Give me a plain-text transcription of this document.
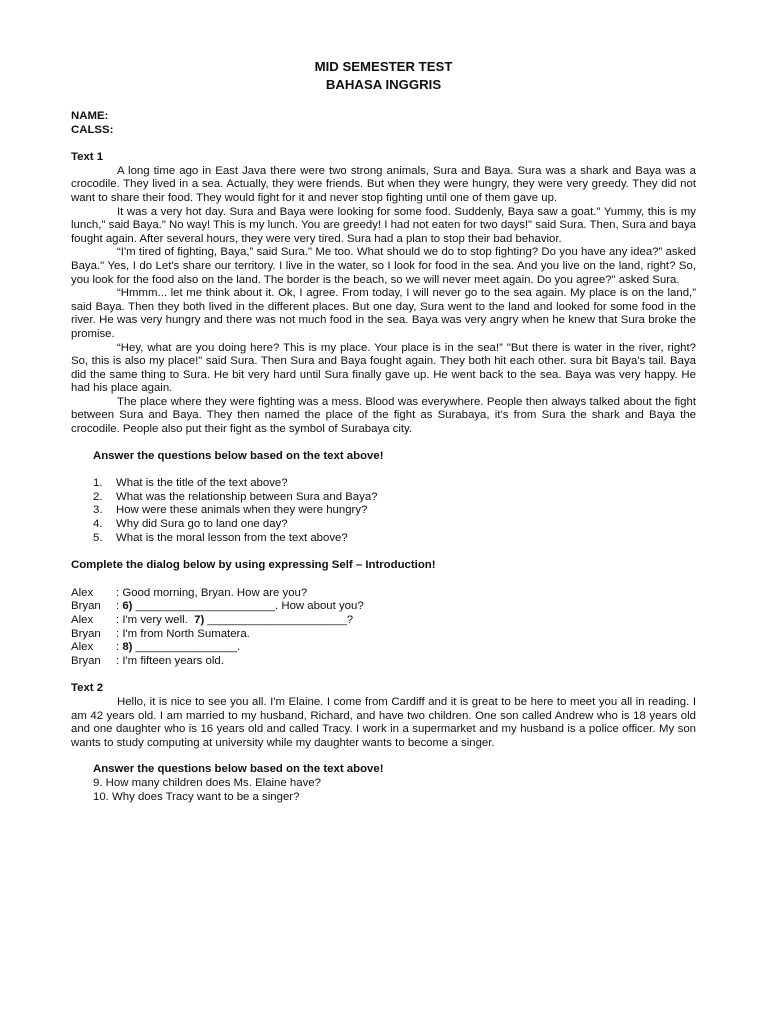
MID SEMESTER TEST
BAHASA INGGRIS
NAME:
CALSS:
Text 1

A long time ago in East Java there were two strong animals, Sura and Baya. Sura was a shark and Baya was a crocodile. They lived in a sea. Actually, they were friends. But when they were hungry, they were very greedy. They did not want to share their food. They would fight for it and never stop fighting until one of them gave up.

It was a very hot day. Sura and Baya were looking for some food. Suddenly, Baya saw a goat." Yummy, this is my lunch," said Baya." No way! This is my lunch. You are greedy! I had not eaten for two days!" said Sura. Then, Sura and baya fought again. After several hours, they were very tired. Sura had a plan to stop their bad behavior.

“I'm tired of fighting, Baya,” said Sura." Me too. What should we do to stop fighting? Do you have any idea?” asked Baya." Yes, I do Let's share our territory. I live in the water, so I look for food in the sea. And you live on the land, right? So, you look for the food also on the land. The border is the beach, so we will never meet again. Do you agree?" asked Sura.

“Hmmm... let me think about it. Ok, I agree. From today, I will never go to the sea again. My place is on the land,” said Baya. Then they both lived in the different places. But one day, Sura went to the land and looked for some food in the river. He was very hungry and there was not much food in the sea. Baya was very angry when he knew that Sura broke the promise.

“Hey, what are you doing here? This is my place. Your place is in the sea!” "But there is water in the river, right? So, this is also my place!" said Sura. Then Sura and Baya fought again. They both hit each other. sura bit Baya's tail. Baya did the same thing to Sura. He bit very hard until Sura finally gave up. He went back to the sea. Baya was very happy. He had his place again.

The place where they were fighting was a mess. Blood was everywhere. People then always talked about the fight between Sura and Baya. They then named the place of the fight as Surabaya, it’s from Sura the shark and Baya the crocodile. People also put their fight as the symbol of Surabaya city.

Answer the questions below based on the text above!
1. What is the title of the text above?
2. What was the relationship between Sura and Baya?
3. How were these animals when they were hungry?
4. Why did Sura go to land one day?
5. What is the moral lesson from the text above?
Complete the dialog below by using expressing Self – Introduction!
Alex	: Good morning, Bryan. How are you?
Bryan	: 6) ______________________. How about you?
Alex	: I'm very well.  7) ______________________?
Bryan	: I'm from North Sumatera.
Alex	: 8) ________________.
Bryan	: I'm fifteen years old.
Text 2

Hello, it is nice to see you all. I'm Elaine. I come from Cardiff and it is great to be here to meet you all in reading. I am 42 years old. I am married to my husband, Richard, and have two children. One son called Andrew who is 18 years old and one daughter who is 16 years old and called Tracy. I work in a supermarket and my husband is a police officer. My son wants to study computing at university while my daughter wants to become a singer.

Answer the questions below based on the text above!
9. How many children does Ms. Elaine have?
10. Why does Tracy want to be a singer?
